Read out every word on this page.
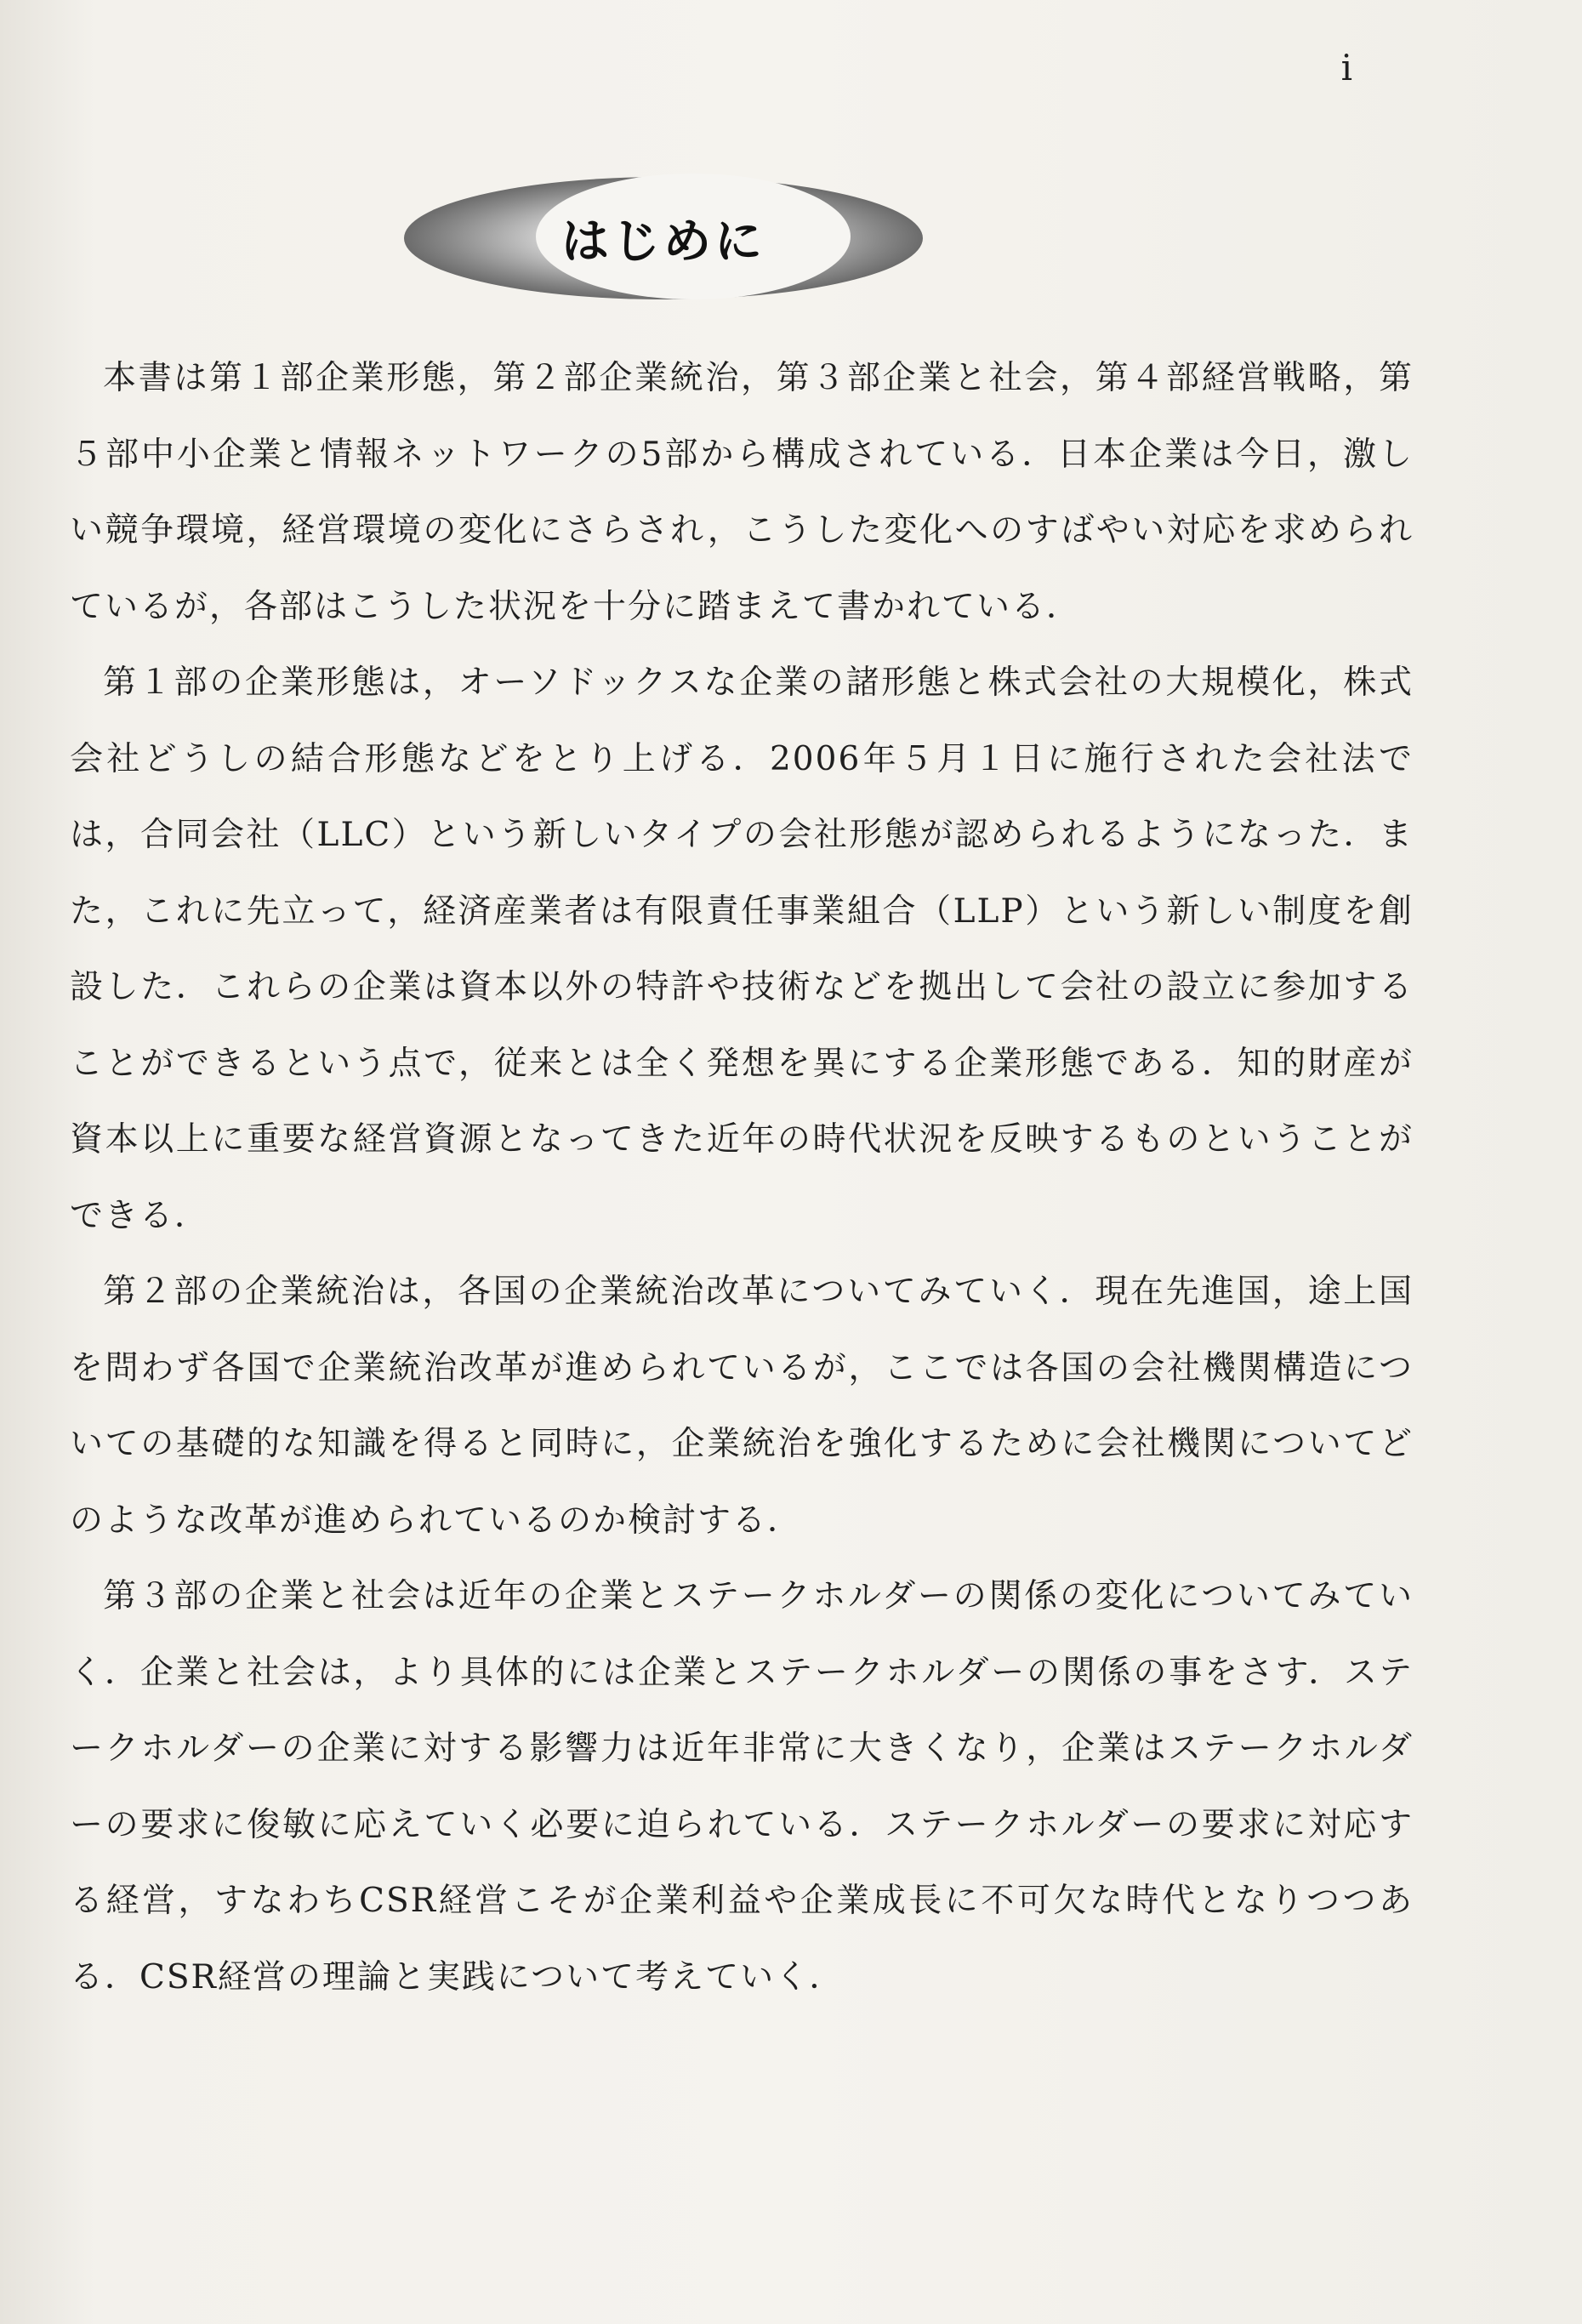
i
はじめに

本書は第１部企業形態，第２部企業統治，第３部企業と社会，第４部経営戦略，第５部中小企業と情報ネットワークの5部から構成されている．日本企業は今日，激しい競争環境，経営環境の変化にさらされ，こうした変化へのすばやい対応を求められているが，各部はこうした状況を十分に踏まえて書かれている．

第１部の企業形態は，オーソドックスな企業の諸形態と株式会社の大規模化，株式会社どうしの結合形態などをとり上げる．2006年５月１日に施行された会社法では，合同会社（LLC）という新しいタイプの会社形態が認められるようになった．また，これに先立って，経済産業者は有限責任事業組合（LLP）という新しい制度を創設した．これらの企業は資本以外の特許や技術などを拠出して会社の設立に参加することができるという点で，従来とは全く発想を異にする企業形態である．知的財産が資本以上に重要な経営資源となってきた近年の時代状況を反映するものということができる．

第２部の企業統治は，各国の企業統治改革についてみていく．現在先進国，途上国を問わず各国で企業統治改革が進められているが，ここでは各国の会社機関構造についての基礎的な知識を得ると同時に，企業統治を強化するために会社機関についてどのような改革が進められているのか検討する．

第３部の企業と社会は近年の企業とステークホルダーの関係の変化についてみていく．企業と社会は，より具体的には企業とステークホルダーの関係の事をさす．ステークホルダーの企業に対する影響力は近年非常に大きくなり，企業はステークホルダーの要求に俊敏に応えていく必要に迫られている．ステークホルダーの要求に対応する経営，すなわちCSR経営こそが企業利益や企業成長に不可欠な時代となりつつある．CSR経営の理論と実践について考えていく．
